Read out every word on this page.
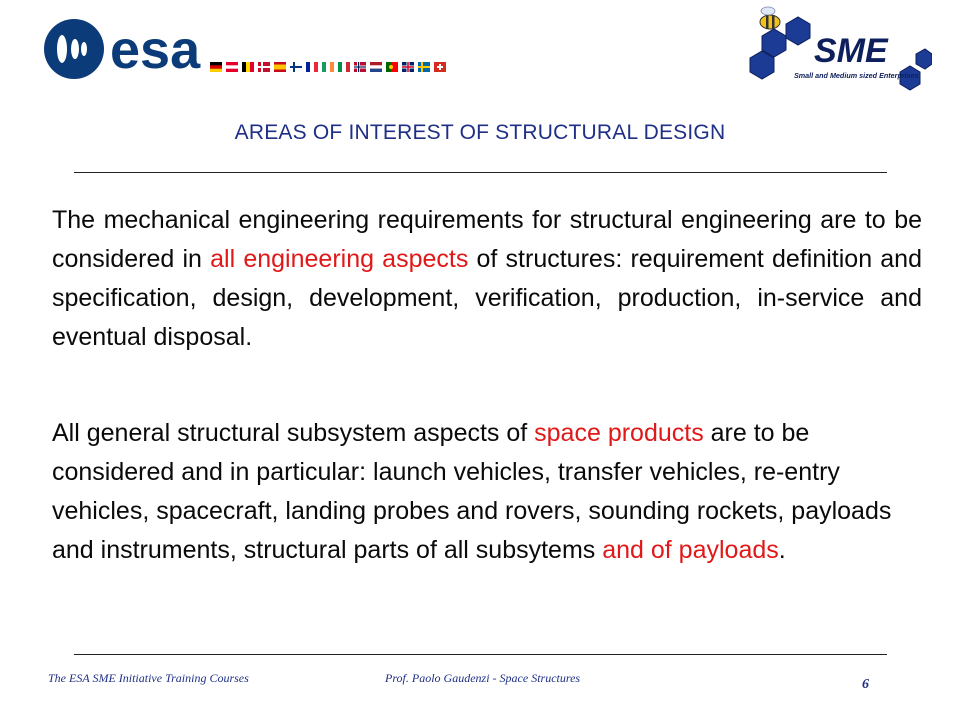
esa	SME
Small and Medium sized Enterprises
AREAS OF INTEREST OF STRUCTURAL DESIGN

The mechanical engineering requirements for structural engineering are to be considered in all engineering aspects of structures: requirement definition and specification, design, development, verification, production, in-service and eventual disposal.

All general structural subsystem aspects of space products are to be considered and in particular: launch vehicles, transfer vehicles, re-entry vehicles, spacecraft, landing probes and rovers, sounding rockets, payloads and instruments, structural parts of all subsytems and of payloads.

The ESA SME Initiative Training Courses	Prof. Paolo Gaudenzi - Space Structures	6
